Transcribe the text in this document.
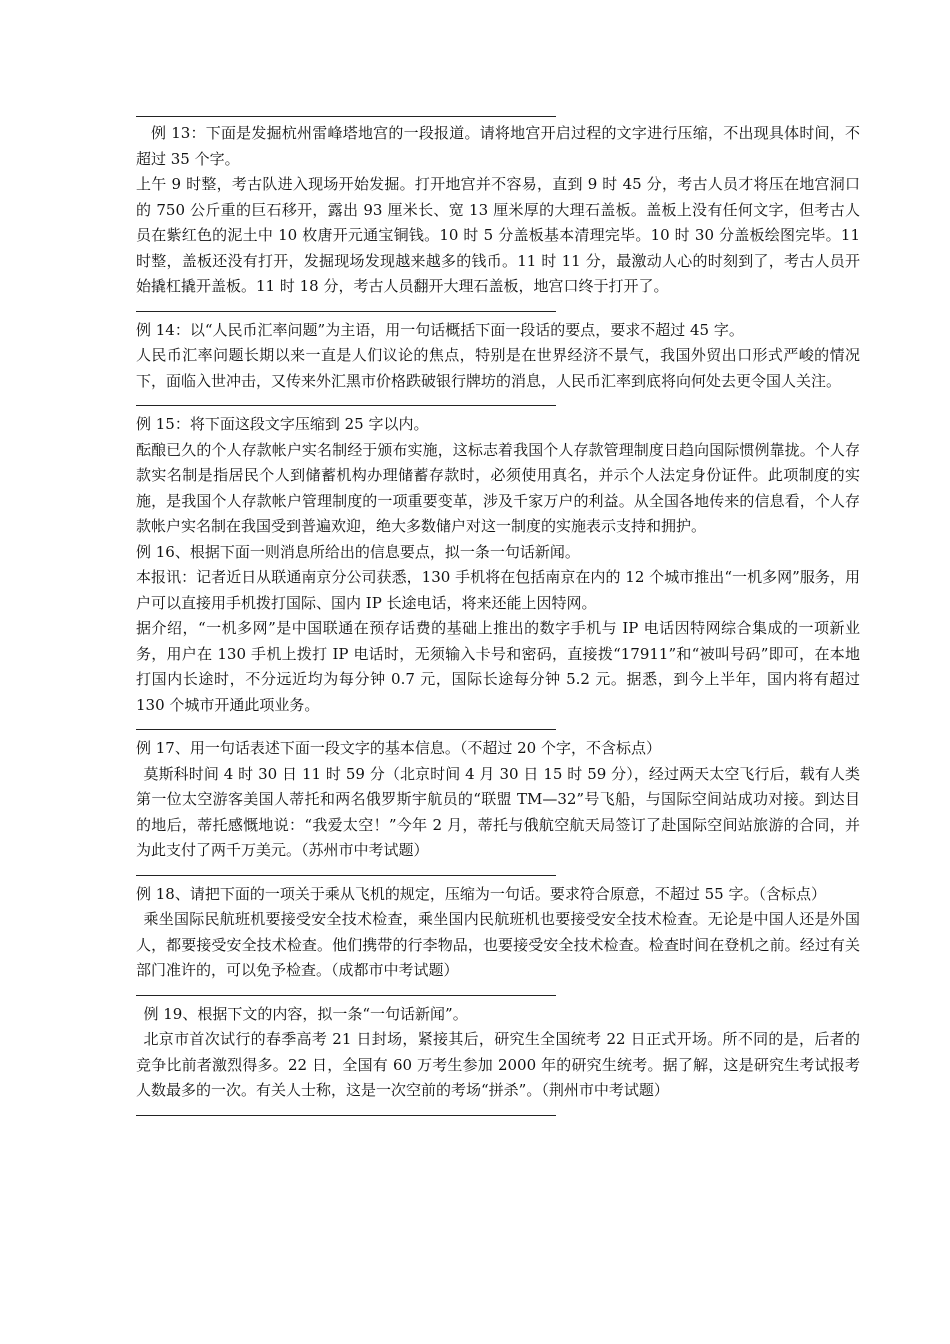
例 13：下面是发掘杭州雷峰塔地宫的一段报道。请将地宫开启过程的文字进行压缩，不出现具体时间，不超过 35 个字。

上午 9 时整，考古队进入现场开始发掘。打开地宫并不容易，直到 9 时 45 分，考古人员才将压在地宫洞口的 750 公斤重的巨石移开，露出 93 厘米长、宽 13 厘米厚的大理石盖板。盖板上没有任何文字，但考古人员在紫红色的泥土中 10 枚唐开元通宝铜钱。10 时 5 分盖板基本清理完毕。10 时 30 分盖板绘图完毕。11 时整，盖板还没有打开，发掘现场发现越来越多的钱币。11 时 11 分，最激动人心的时刻到了，考古人员开始撬杠撬开盖板。11 时 18 分，考古人员翻开大理石盖板，地宫口终于打开了。

例 14：以“人民币汇率问题”为主语，用一句话概括下面一段话的要点，要求不超过 45 字。

人民币汇率问题长期以来一直是人们议论的焦点，特别是在世界经济不景气，我国外贸出口形式严峻的情况下，面临入世冲击，又传来外汇黑市价格跌破银行牌坊的消息，人民币汇率到底将向何处去更令国人关注。

例 15：将下面这段文字压缩到 25 字以内。

酝酿已久的个人存款帐户实名制经于颁布实施，这标志着我国个人存款管理制度日趋向国际惯例靠拢。个人存款实名制是指居民个人到储蓄机构办理储蓄存款时，必须使用真名，并示个人法定身份证件。此项制度的实施，是我国个人存款帐户管理制度的一项重要变革，涉及千家万户的利益。从全国各地传来的信息看，个人存款帐户实名制在我国受到普遍欢迎，绝大多数储户对这一制度的实施表示支持和拥护。

例 16、根据下面一则消息所给出的信息要点，拟一条一句话新闻。

本报讯：记者近日从联通南京分公司获悉，130 手机将在包括南京在内的 12 个城市推出“一机多网”服务，用户可以直接用手机拨打国际、国内 IP 长途电话，将来还能上因特网。

据介绍，“一机多网”是中国联通在预存话费的基础上推出的数字手机与 IP 电话因特网综合集成的一项新业务，用户在 130 手机上拨打 IP 电话时，无须输入卡号和密码，直接拨“17911”和“被叫号码”即可，在本地打国内长途时，不分远近均为每分钟 0.7 元，国际长途每分钟 5.2 元。据悉，到今上半年，国内将有超过 130 个城市开通此项业务。

例 17、用一句话表述下面一段文字的基本信息。（不超过 20 个字，不含标点）

莫斯科时间 4 时 30 日 11 时 59 分（北京时间 4 月 30 日 15 时 59 分），经过两天太空飞行后，载有人类第一位太空游客美国人蒂托和两名俄罗斯宇航员的“联盟 TM—32”号飞船，与国际空间站成功对接。到达目的地后，蒂托感慨地说：“我爱太空！”今年 2 月，蒂托与俄航空航天局签订了赴国际空间站旅游的合同，并为此支付了两千万美元。（苏州市中考试题）

例 18、请把下面的一项关于乘从飞机的规定，压缩为一句话。要求符合原意，不超过 55 字。（含标点）

乘坐国际民航班机要接受安全技术检查，乘坐国内民航班机也要接受安全技术检查。无论是中国人还是外国人，都要接受安全技术检查。他们携带的行李物品，也要接受安全技术检查。检查时间在登机之前。经过有关部门准许的，可以免予检查。（成都市中考试题）

例 19、根据下文的内容，拟一条“一句话新闻”。

北京市首次试行的春季高考 21 日封场，紧接其后，研究生全国统考 22 日正式开场。所不同的是，后者的竞争比前者激烈得多。22 日，全国有 60 万考生参加 2000 年的研究生统考。据了解，这是研究生考试报考人数最多的一次。有关人士称，这是一次空前的考场“拼杀”。（荆州市中考试题）
